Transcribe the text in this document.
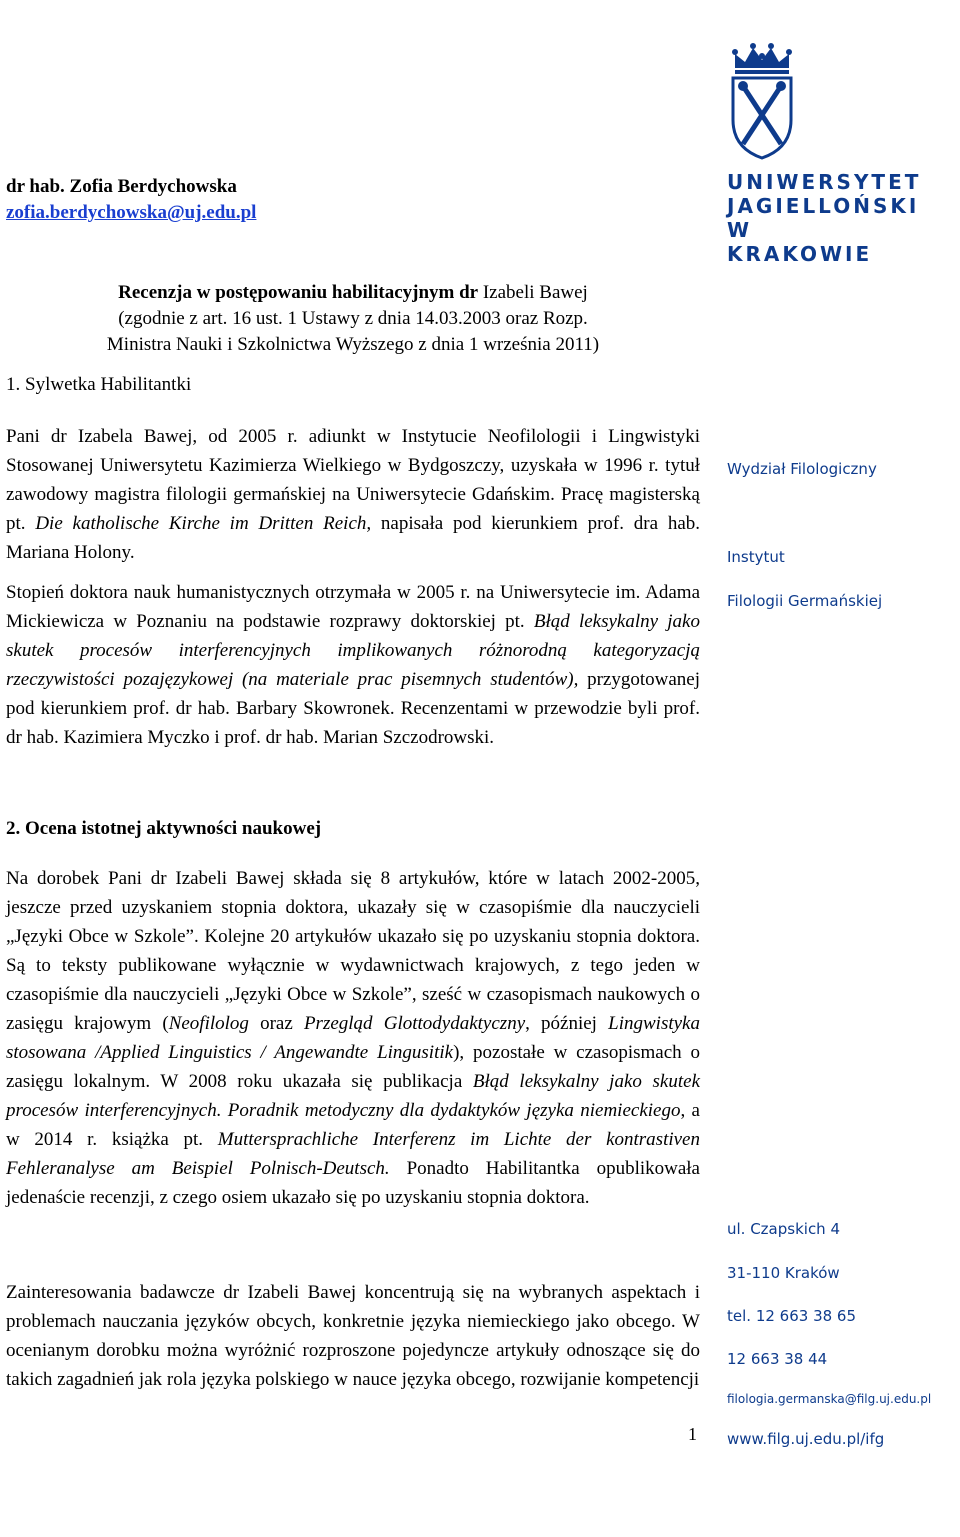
UNIWERSYTET
JAGIELLOŃSKI
W KRAKOWIE
dr hab. Zofia Berdychowska
zofia.berdychowska@uj.edu.pl
Recenzja w postępowaniu habilitacyjnym dr Izabeli Bawej
(zgodnie z art. 16 ust. 1 Ustawy z dnia 14.03.2003 oraz Rozp.
Ministra Nauki i Szkolnictwa Wyższego z dnia 1 września 2011)
1. Sylwetka Habilitantki
Pani dr Izabela Bawej, od 2005 r. adiunkt w Instytucie Neofilologii i Lingwistyki Stosowanej Uniwersytetu Kazimierza Wielkiego w Bydgoszczy, uzyskała w 1996 r. tytuł zawodowy magistra filologii germańskiej na Uniwersytecie Gdańskim. Pracę magisterską pt. Die katholische Kirche im Dritten Reich, napisała pod kierunkiem prof. dra hab. Mariana Holony.
Stopień doktora nauk humanistycznych otrzymała w 2005 r. na Uniwersytecie im. Adama Mickiewicza w Poznaniu na podstawie rozprawy doktorskiej pt. Błąd leksykalny jako skutek procesów interferencyjnych implikowanych różnorodną kategoryzacją rzeczywistości pozajęzykowej (na materiale prac pisemnych studentów), przygotowanej pod kierunkiem prof. dr hab. Barbary Skowronek. Recenzentami w przewodzie byli prof. dr hab. Kazimiera Myczko i prof. dr hab. Marian Szczodrowski.
2. Ocena istotnej aktywności naukowej
Na dorobek Pani dr Izabeli Bawej składa się 8 artykułów, które w latach 2002-2005, jeszcze przed uzyskaniem stopnia doktora, ukazały się w czasopiśmie dla nauczycieli „Języki Obce w Szkole”. Kolejne 20 artykułów ukazało się po uzyskaniu stopnia doktora. Są to teksty publikowane wyłącznie w wydawnictwach krajowych, z tego jeden w czasopiśmie dla nauczycieli „Języki Obce w Szkole”, sześć w czasopismach naukowych o zasięgu krajowym (Neofilolog oraz Przegląd Glottodydaktyczny, później Lingwistyka stosowana /Applied Linguistics / Angewandte Lingusitik), pozostałe w czasopismach o zasięgu lokalnym. W 2008 roku ukazała się publikacja Błąd leksykalny jako skutek procesów interferencyjnych. Poradnik metodyczny dla dydaktyków języka niemieckiego, a w 2014 r. książka pt. Muttersprachliche Interferenz im Lichte der kontrastiven Fehleranalyse am Beispiel Polnisch-Deutsch. Ponadto Habilitantka opublikowała jedenaście recenzji, z czego osiem ukazało się po uzyskaniu stopnia doktora.
Zainteresowania badawcze dr Izabeli Bawej koncentrują się na wybranych aspektach i problemach nauczania języków obcych, konkretnie języka niemieckiego jako obcego. W ocenianym dorobku można wyróżnić rozproszone pojedyncze artykuły odnoszące się do takich zagadnień jak rola języka polskiego w nauce języka obcego, rozwijanie kompetencji
1
Wydział Filologiczny
Instytut
Filologii Germańskiej
ul. Czapskich 4
31-110 Kraków
tel. 12 663 38 65
12 663 38 44
filologia.germanska@filg.uj.edu.pl
www.filg.uj.edu.pl/ifg
